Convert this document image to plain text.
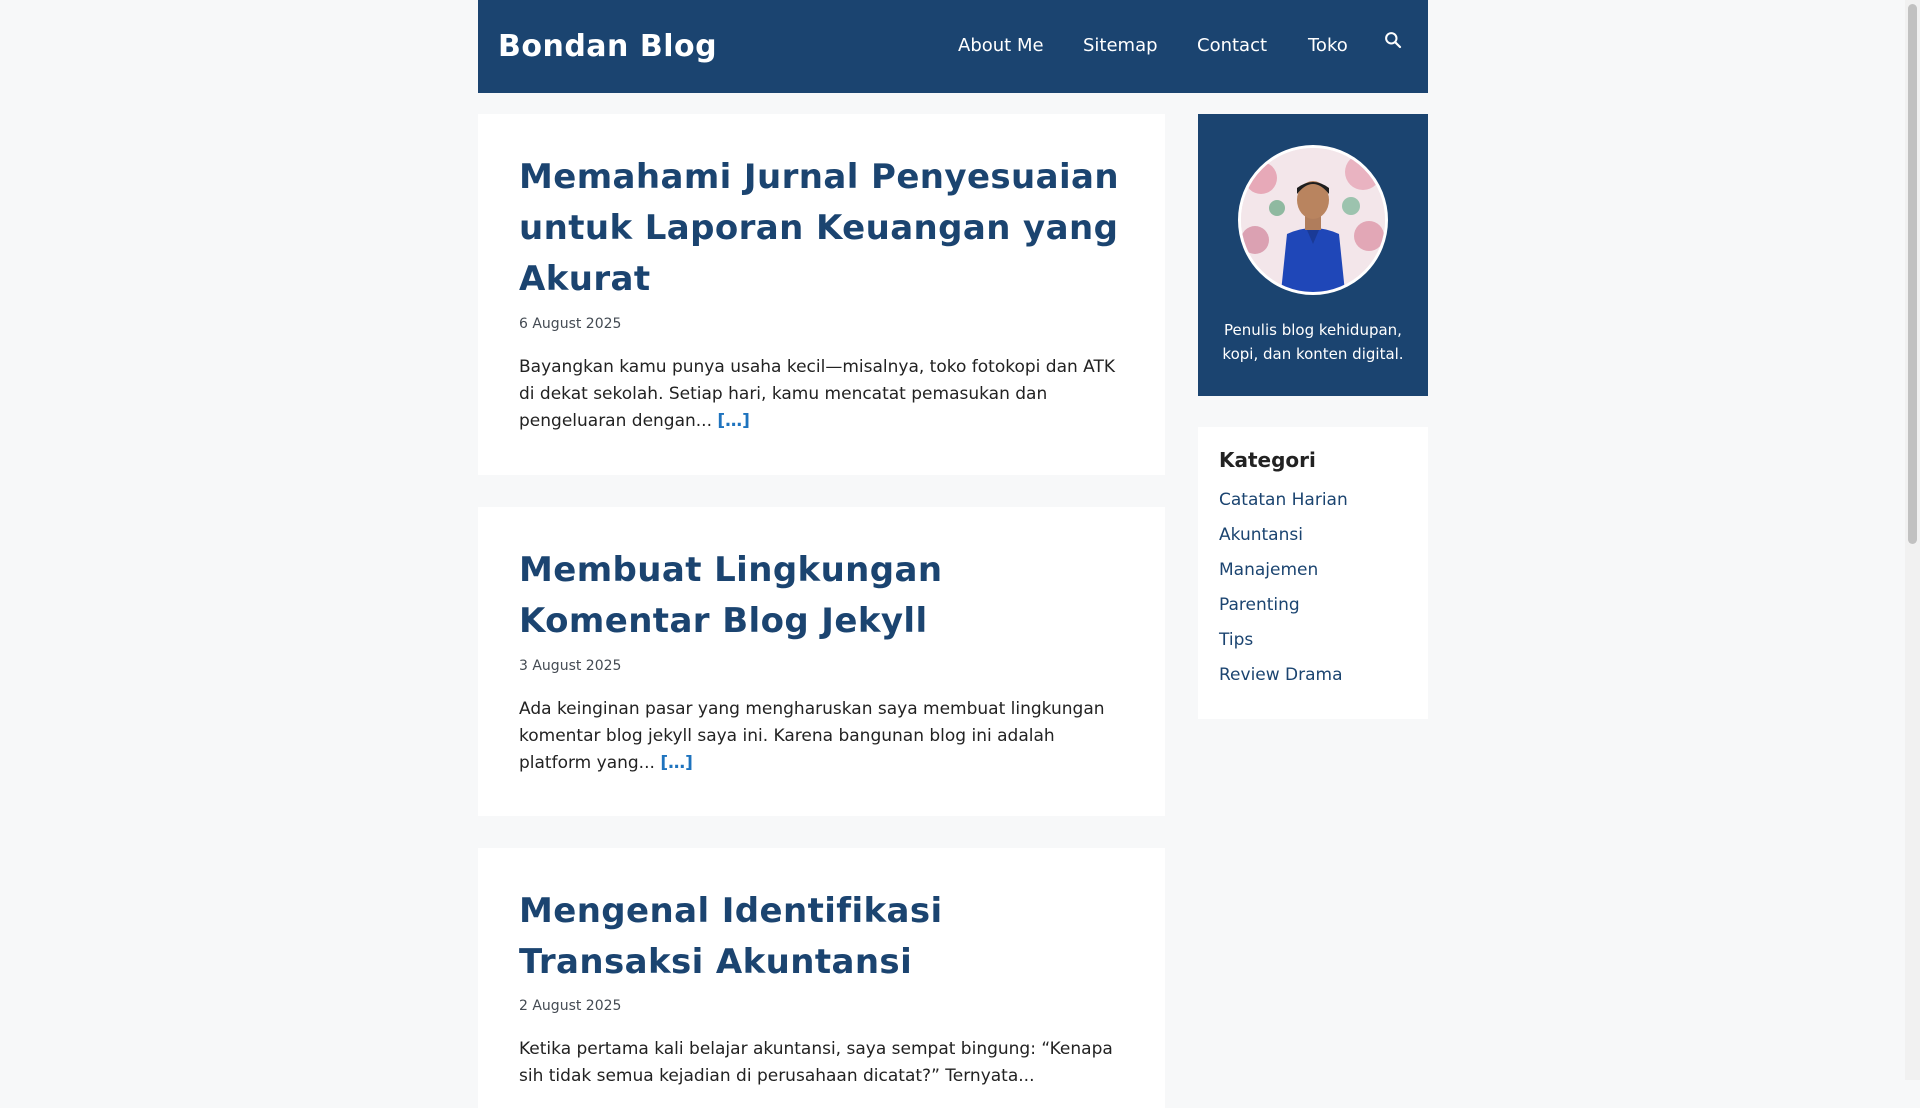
Bondan Blog	About Me Sitemap Contact Toko
Memahami Jurnal Penyesuaian untuk Laporan Keuangan yang Akurat
6 August 2025

Bayangkan kamu punya usaha kecil—misalnya, toko fotokopi dan ATK di dekat sekolah. Setiap hari, kamu mencatat pemasukan dan pengeluaran dengan... […]

Membuat Lingkungan Komentar Blog Jekyll
3 August 2025

Ada keinginan pasar yang mengharuskan saya membuat lingkungan komentar blog jekyll saya ini. Karena bangunan blog ini adalah platform yang... […]

Mengenal Identifikasi Transaksi Akuntansi
2 August 2025

Ketika pertama kali belajar akuntansi, saya sempat bingung: “Kenapa sih tidak semua kejadian di perusahaan dicatat?” Ternyata...

Penulis blog kehidupan, kopi, dan konten digital.
Kategori
Catatan Harian
Akuntansi
Manajemen
Parenting
Tips
Review Drama
